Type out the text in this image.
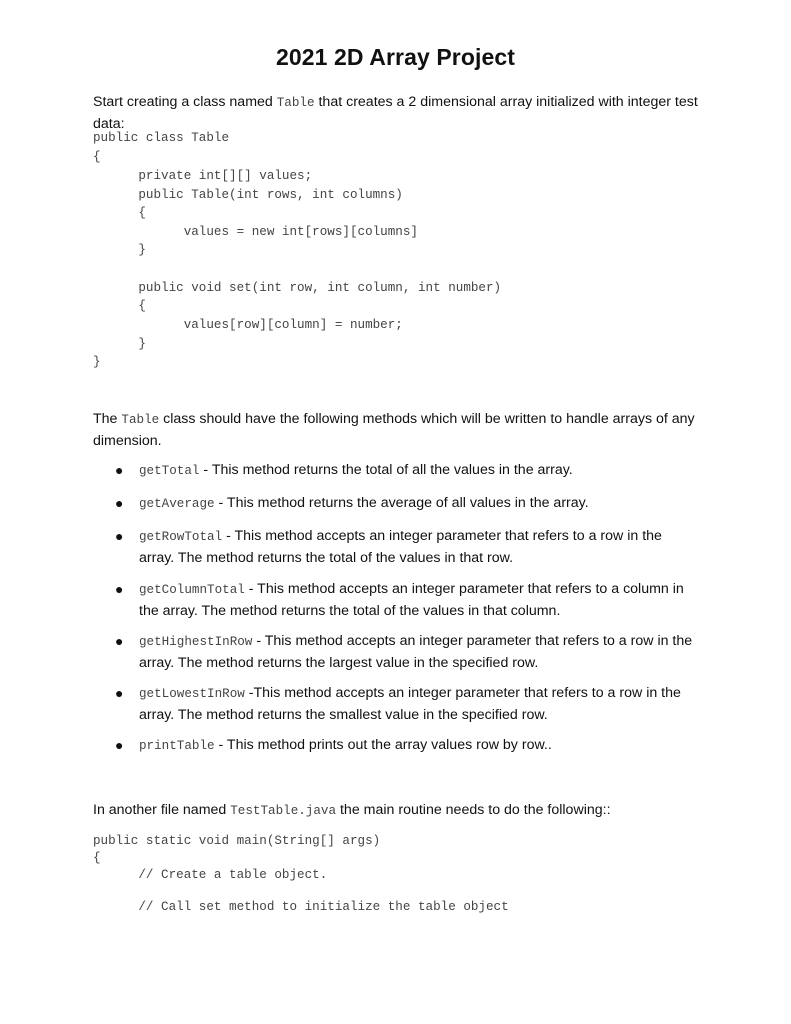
2021 2D Array Project
Start creating a class named Table that creates a 2 dimensional array initialized with integer test data:
public class Table
{
private int[][] values;
public Table(int rows, int columns)
{
values = new int[rows][columns]
}
public void set(int row, int column, int number)
{
values[row][column] = number;
}
}
The Table class should have the following methods which will be written to handle arrays of any dimension.
● getTotal - This method returns the total of all the values in the array.
● getAverage - This method returns the average of all values in the array.
● getRowTotal - This method accepts an integer parameter that refers to a row in the array. The method returns the total of the values in that row.
● getColumnTotal - This method accepts an integer parameter that refers to a column in the array. The method returns the total of the values in that column.
● getHighestInRow - This method accepts an integer parameter that refers to a row in the array. The method returns the largest value in the specified row.
● getLowestInRow -This method accepts an integer parameter that refers to a row in the array. The method returns the smallest value in the specified row.
● printTable - This method prints out the array values row by row..
In another file named TestTable.java the main routine needs to do the following::
public static void main(String[] args)
{
// Create a table object.
// Call set method to initialize the table object
